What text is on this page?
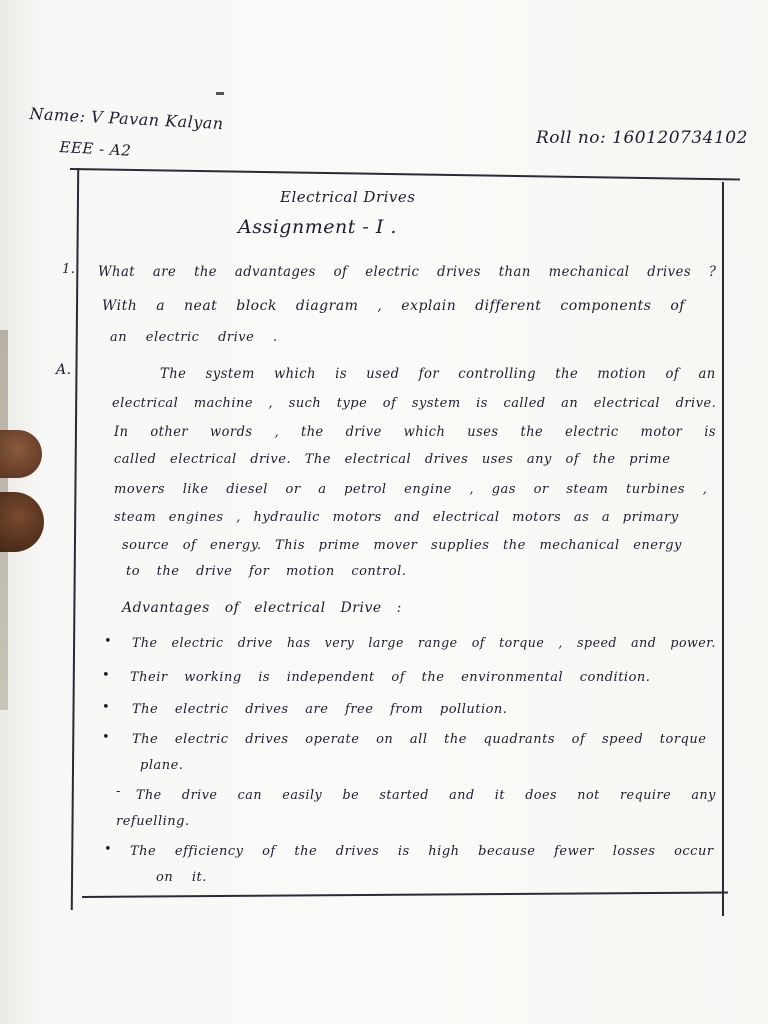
Name: V Pavan Kalyan
EEE - A2	Roll no: 160120734102
Electrical Drives
Assignment - I .
1. What are the advantages of electric drives than mechanical drives ?
With a neat block diagram , explain different components of
an electric drive .
A.	The system which is used for controlling the motion of an
electrical machine , such type of system is called an electrical drive.
In other words , the drive which uses the electric motor is
called electrical drive. The electrical drives uses any of the prime
movers like diesel or a petrol engine , gas or steam turbines ,
steam engines , hydraulic motors and electrical motors as a primary
source of energy. This prime mover supplies the mechanical energy
to the drive for motion control.
Advantages of electrical Drive :
• The electric drive has very large range of torque , speed and power.
• Their working is independent of the environmental condition.
• The electric drives are free from pollution.
• The electric drives operate on all the quadrants of speed torque
plane.
- The drive can easily be started and it does not require any
refuelling.
• The efficiency of the drives is high because fewer losses occur
on it.
